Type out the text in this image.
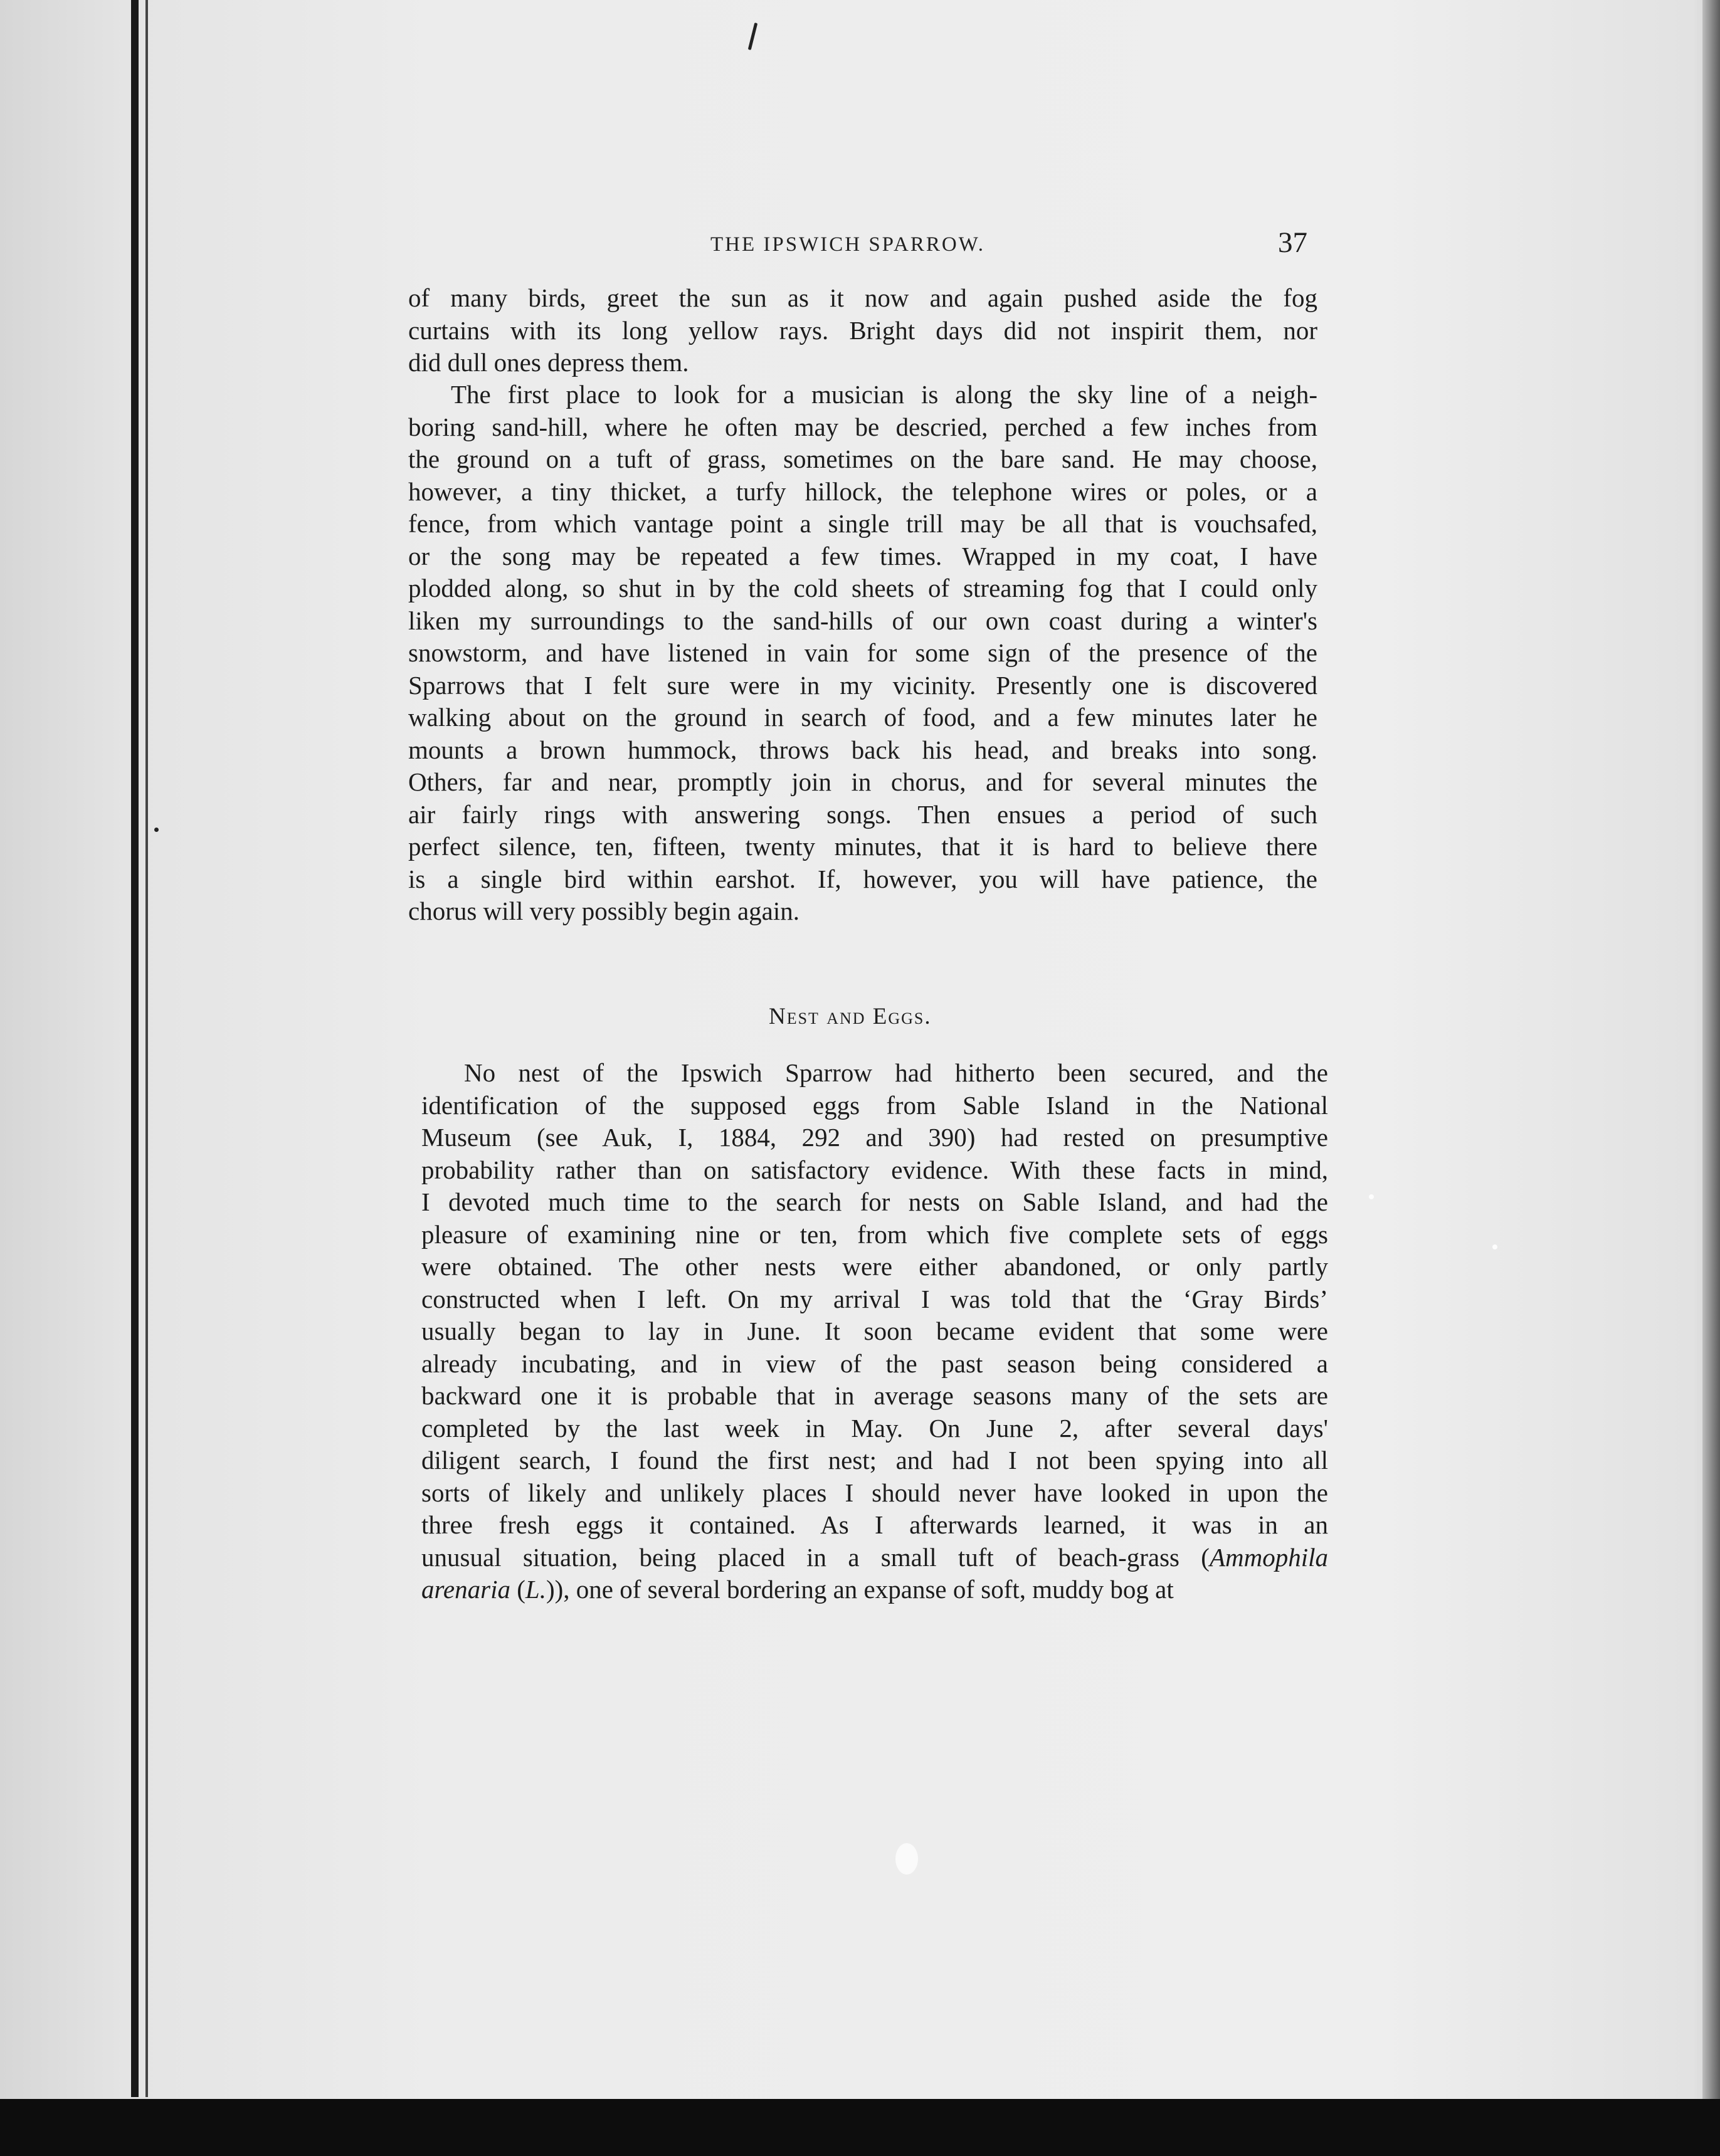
THE IPSWICH SPARROW.	37
of many birds, greet the sun as it now and again pushed aside the fog
curtains with its long yellow rays. Bright days did not inspirit them, nor
did dull ones depress them.
The first place to look for a musician is along the sky line of a neigh-
boring sand-hill, where he often may be descried, perched a few inches from
the ground on a tuft of grass, sometimes on the bare sand. He may choose,
however, a tiny thicket, a turfy hillock, the telephone wires or poles, or a
fence, from which vantage point a single trill may be all that is vouchsafed,
or the song may be repeated a few times. Wrapped in my coat, I have
plodded along, so shut in by the cold sheets of streaming fog that I could only
liken my surroundings to the sand-hills of our own coast during a winter's
snowstorm, and have listened in vain for some sign of the presence of the
Sparrows that I felt sure were in my vicinity. Presently one is discovered
walking about on the ground in search of food, and a few minutes later he
mounts a brown hummock, throws back his head, and breaks into song.
Others, far and near, promptly join in chorus, and for several minutes the
air fairly rings with answering songs. Then ensues a period of such
perfect silence, ten, fifteen, twenty minutes, that it is hard to believe there
is a single bird within earshot. If, however, you will have patience, the
chorus will very possibly begin again.
Nest and Eggs.
No nest of the Ipswich Sparrow had hitherto been secured, and the
identification of the supposed eggs from Sable Island in the National
Museum (see Auk, I, 1884, 292 and 390) had rested on presumptive
probability rather than on satisfactory evidence. With these facts in mind,
I devoted much time to the search for nests on Sable Island, and had the
pleasure of examining nine or ten, from which five complete sets of eggs
were obtained. The other nests were either abandoned, or only partly
constructed when I left. On my arrival I was told that the ‘Gray Birds’
usually began to lay in June. It soon became evident that some were
already incubating, and in view of the past season being considered a
backward one it is probable that in average seasons many of the sets are
completed by the last week in May. On June 2, after several days'
diligent search, I found the first nest; and had I not been spying into all
sorts of likely and unlikely places I should never have looked in upon the
three fresh eggs it contained. As I afterwards learned, it was in an
unusual situation, being placed in a small tuft of beach-grass (Ammophila
arenaria (L.)), one of several bordering an expanse of soft, muddy bog at
